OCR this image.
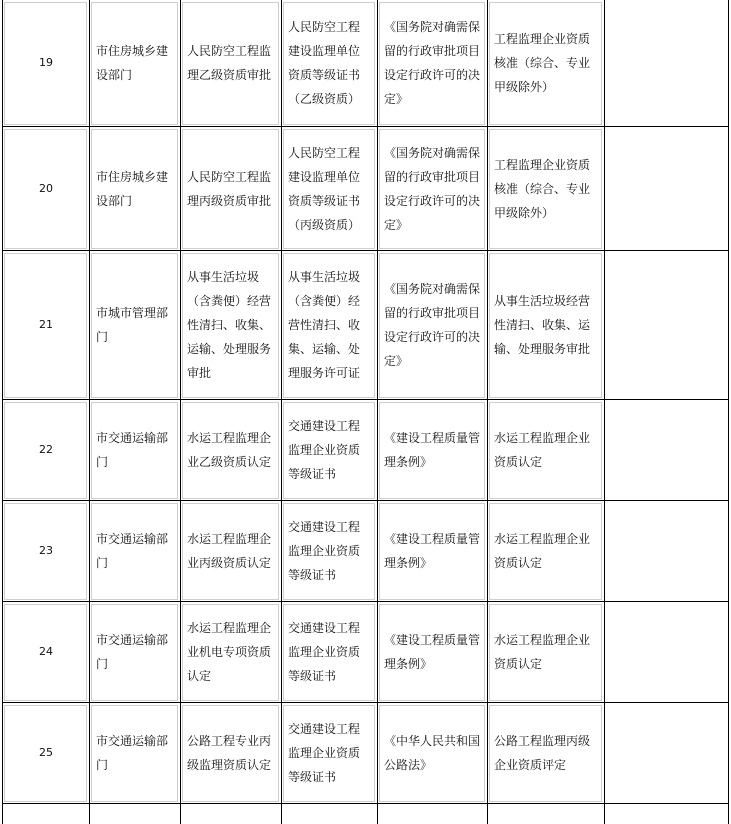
19	市住房城乡建设部门	人民防空工程监理乙级资质审批	人民防空工程建设监理单位资质等级证书（乙级资质）	《国务院对确需保留的行政审批项目设定行政许可的决定》	工程监理企业资质核准（综合、专业甲级除外）	
20	市住房城乡建设部门	人民防空工程监理丙级资质审批	人民防空工程建设监理单位资质等级证书（丙级资质）	《国务院对确需保留的行政审批项目设定行政许可的决定》	工程监理企业资质核准（综合、专业甲级除外）	
21	市城市管理部门	从事生活垃圾（含粪便）经营性清扫、收集、运输、处理服务审批	从事生活垃圾（含粪便）经营性清扫、收集、运输、处理服务许可证	《国务院对确需保留的行政审批项目设定行政许可的决定》	从事生活垃圾经营性清扫、收集、运输、处理服务审批	
22	市交通运输部门	水运工程监理企业乙级资质认定	交通建设工程监理企业资质等级证书	《建设工程质量管理条例》	水运工程监理企业资质认定	
23	市交通运输部门	水运工程监理企业丙级资质认定	交通建设工程监理企业资质等级证书	《建设工程质量管理条例》	水运工程监理企业资质认定	
24	市交通运输部门	水运工程监理企业机电专项资质认定	交通建设工程监理企业资质等级证书	《建设工程质量管理条例》	水运工程监理企业资质认定	
25	市交通运输部门	公路工程专业丙级监理资质认定	交通建设工程监理企业资质等级证书	《中华人民共和国公路法》	公路工程监理丙级企业资质评定	
